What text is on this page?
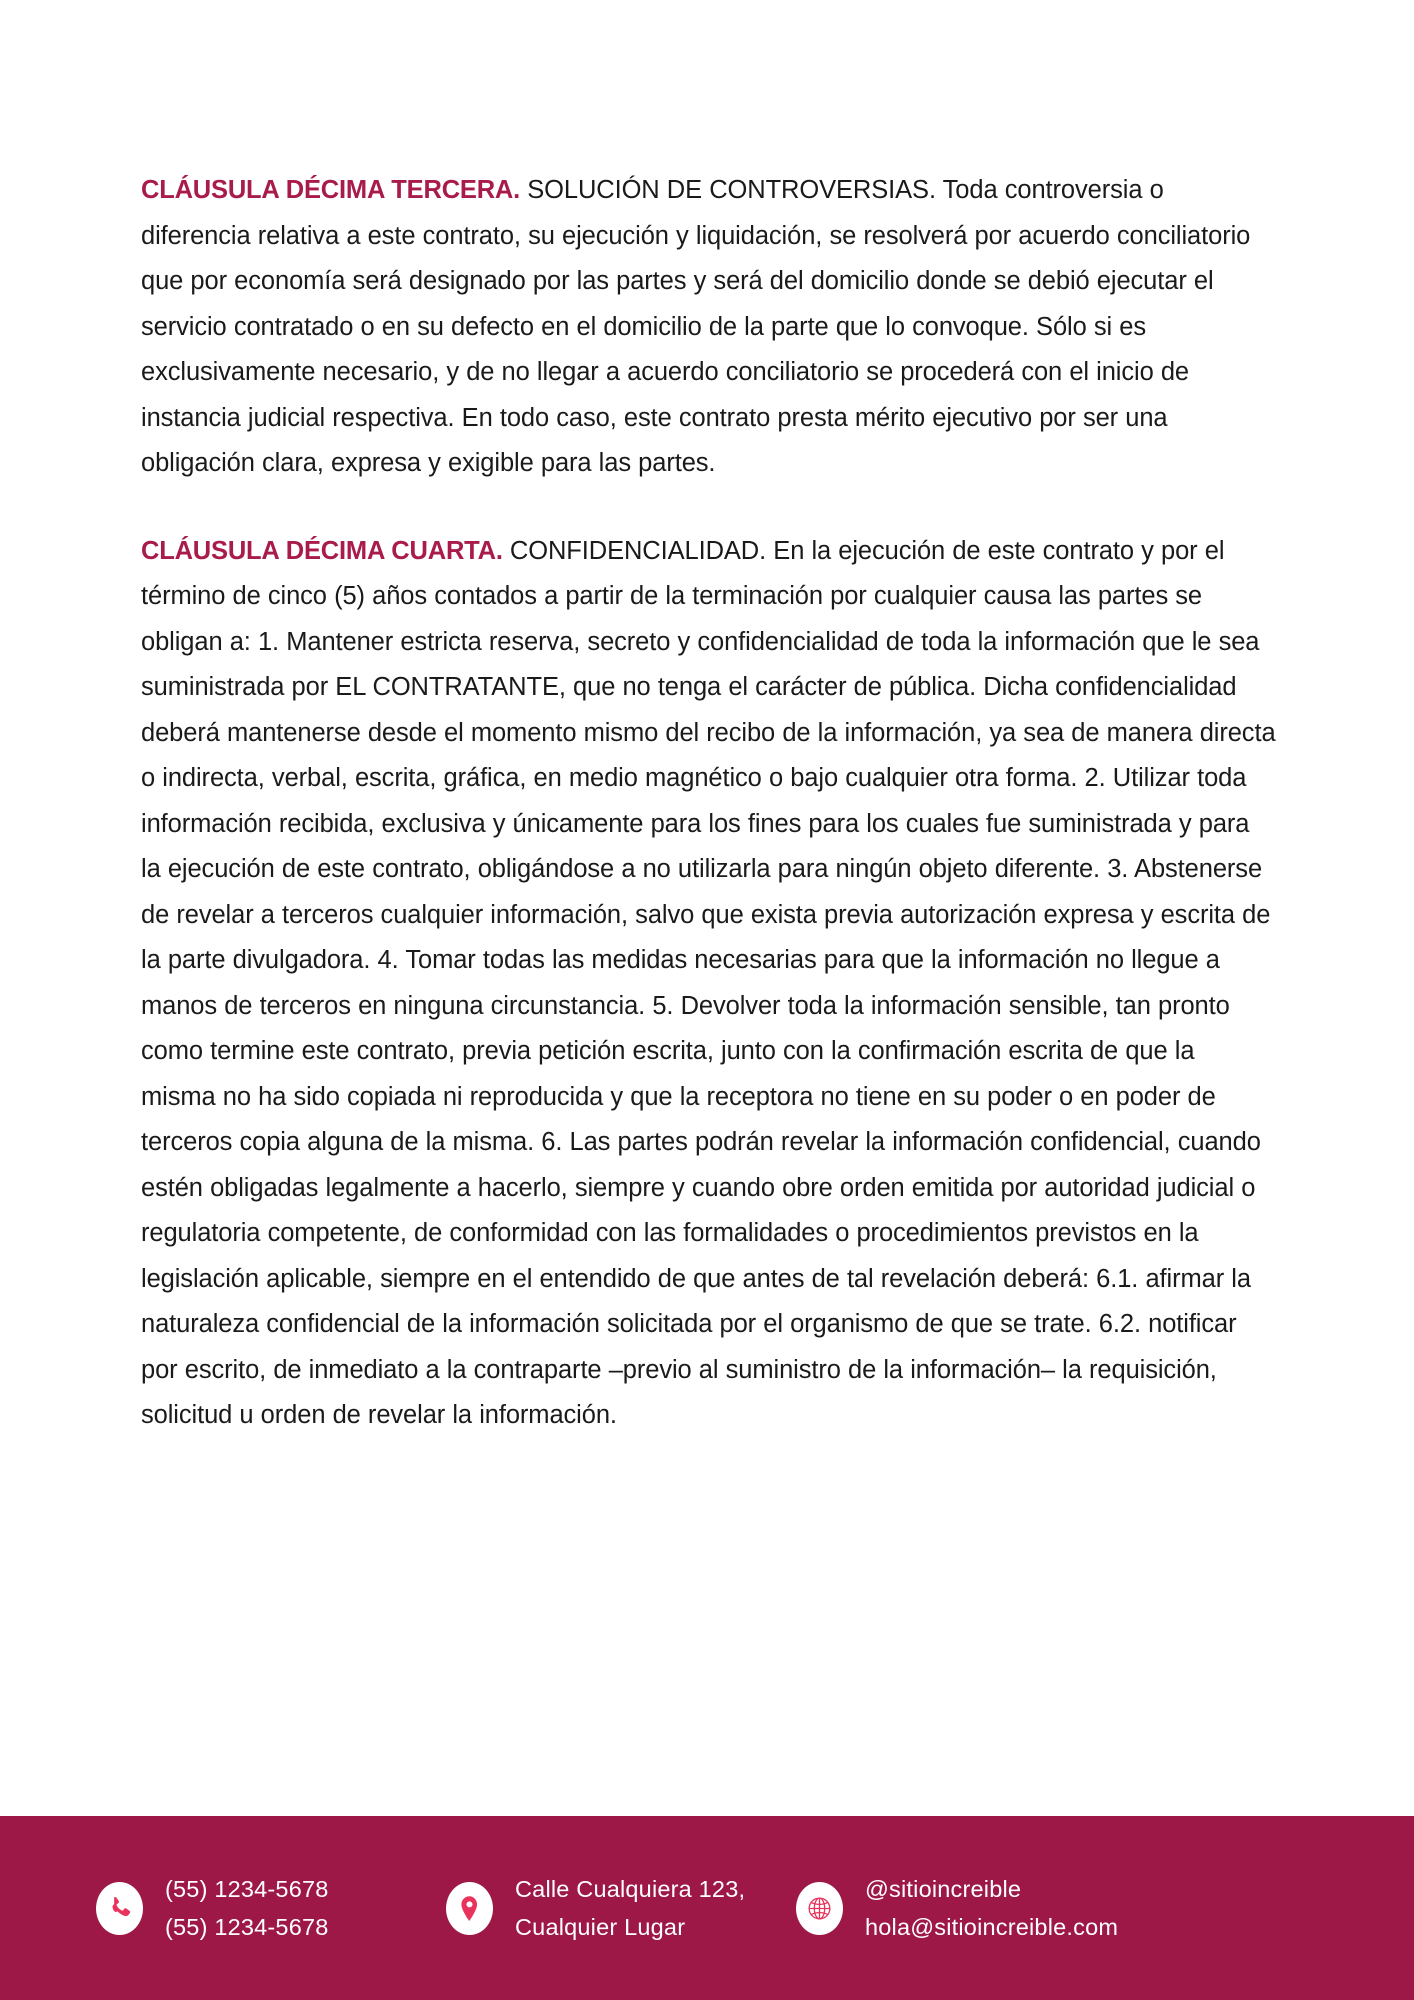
CLÁUSULA DÉCIMA TERCERA. SOLUCIÓN DE CONTROVERSIAS. Toda controversia o diferencia relativa a este contrato, su ejecución y liquidación, se resolverá por acuerdo conciliatorio que por economía será designado por las partes y será del domicilio donde se debió ejecutar el servicio contratado o en su defecto en el domicilio de la parte que lo convoque. Sólo si es exclusivamente necesario, y de no llegar a acuerdo conciliatorio se procederá con el inicio de instancia judicial respectiva. En todo caso, este contrato presta mérito ejecutivo por ser una obligación clara, expresa y exigible para las partes.

CLÁUSULA DÉCIMA CUARTA. CONFIDENCIALIDAD. En la ejecución de este contrato y por el término de cinco (5) años contados a partir de la terminación por cualquier causa las partes se obligan a: 1. Mantener estricta reserva, secreto y confidencialidad de toda la información que le sea suministrada por EL CONTRATANTE, que no tenga el carácter de pública. Dicha confidencialidad deberá mantenerse desde el momento mismo del recibo de la información, ya sea de manera directa o indirecta, verbal, escrita, gráfica, en medio magnético o bajo cualquier otra forma. 2. Utilizar toda información recibida, exclusiva y únicamente para los fines para los cuales fue suministrada y para la ejecución de este contrato, obligándose a no utilizarla para ningún objeto diferente. 3. Abstenerse de revelar a terceros cualquier información, salvo que exista previa autorización expresa y escrita de la parte divulgadora. 4. Tomar todas las medidas necesarias para que la información no llegue a manos de terceros en ninguna circunstancia. 5. Devolver toda la información sensible, tan pronto como termine este contrato, previa petición escrita, junto con la confirmación escrita de que la misma no ha sido copiada ni reproducida y que la receptora no tiene en su poder o en poder de terceros copia alguna de la misma. 6. Las partes podrán revelar la información confidencial, cuando estén obligadas legalmente a hacerlo, siempre y cuando obre orden emitida por autoridad judicial o regulatoria competente, de conformidad con las formalidades o procedimientos previstos en la legislación aplicable, siempre en el entendido de que antes de tal revelación deberá: 6.1. afirmar la naturaleza confidencial de la información solicitada por el organismo de que se trate. 6.2. notificar por escrito, de inmediato a la contraparte –previo al suministro de la información– la requisición, solicitud u orden de revelar la información.

(55) 1234-5678
(55) 1234-5678
Calle Cualquiera 123,
Cualquier Lugar
@sitioincreible
hola@sitioincreible.com
